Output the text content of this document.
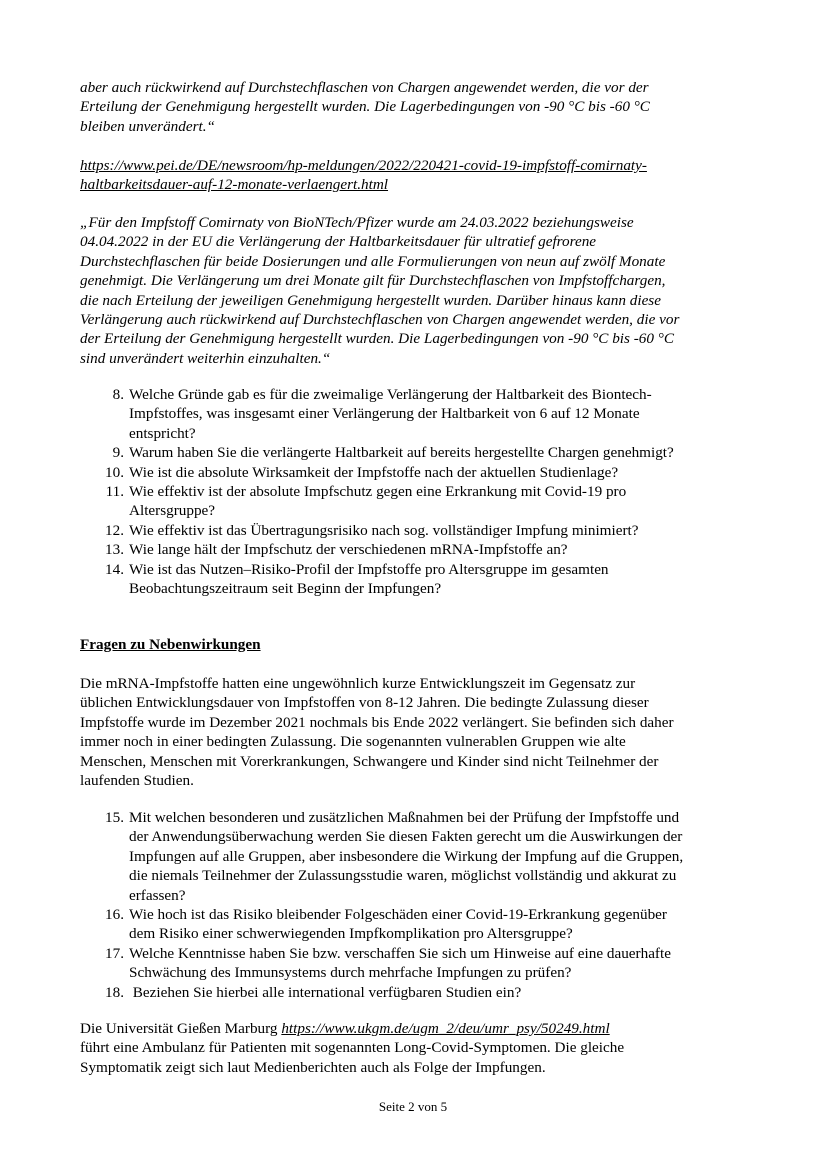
aber auch rückwirkend auf Durchstechflaschen von Chargen angewendet werden, die vor der
Erteilung der Genehmigung hergestellt wurden. Die Lagerbedingungen von -90 °C bis -60 °C
bleiben unverändert.“

https://www.pei.de/DE/newsroom/hp-meldungen/2022/220421-covid-19-impfstoff-comirnaty-
haltbarkeitsdauer-auf-12-monate-verlaengert.html

„Für den Impfstoff Comirnaty von BioNTech/Pfizer wurde am 24.03.2022 beziehungsweise
04.04.2022 in der EU die Verlängerung der Haltbarkeitsdauer für ultratief gefrorene
Durchstechflaschen für beide Dosierungen und alle Formulierungen von neun auf zwölf Monate
genehmigt. Die Verlängerung um drei Monate gilt für Durchstechflaschen von Impfstoffchargen,
die nach Erteilung der jeweiligen Genehmigung hergestellt wurden. Darüber hinaus kann diese
Verlängerung auch rückwirkend auf Durchstechflaschen von Chargen angewendet werden, die vor
der Erteilung der Genehmigung hergestellt wurden. Die Lagerbedingungen von -90 °C bis -60 °C
sind unverändert weiterhin einzuhalten.“

8. Welche Gründe gab es für die zweimalige Verlängerung der Haltbarkeit des Biontech-
Impfstoffes, was insgesamt einer Verlängerung der Haltbarkeit von 6 auf 12 Monate
entspricht?
9. Warum haben Sie die verlängerte Haltbarkeit auf bereits hergestellte Chargen genehmigt?
10. Wie ist die absolute Wirksamkeit der Impfstoffe nach der aktuellen Studienlage?
11. Wie effektiv ist der absolute Impfschutz gegen eine Erkrankung mit Covid-19 pro
Altersgruppe?
12. Wie effektiv ist das Übertragungsrisiko nach sog. vollständiger Impfung minimiert?
13. Wie lange hält der Impfschutz der verschiedenen mRNA-Impfstoffe an?
14. Wie ist das Nutzen–Risiko-Profil der Impfstoffe pro Altersgruppe im gesamten
Beobachtungszeitraum seit Beginn der Impfungen?
Fragen zu Nebenwirkungen

Die mRNA-Impfstoffe hatten eine ungewöhnlich kurze Entwicklungszeit im Gegensatz zur
üblichen Entwicklungsdauer von Impfstoffen von 8-12 Jahren. Die bedingte Zulassung dieser
Impfstoffe wurde im Dezember 2021 nochmals bis Ende 2022 verlängert. Sie befinden sich daher
immer noch in einer bedingten Zulassung. Die sogenannten vulnerablen Gruppen wie alte
Menschen, Menschen mit Vorerkrankungen, Schwangere und Kinder sind nicht Teilnehmer der
laufenden Studien.

15. Mit welchen besonderen und zusätzlichen Maßnahmen bei der Prüfung der Impfstoffe und
der Anwendungsüberwachung werden Sie diesen Fakten gerecht um die Auswirkungen der
Impfungen auf alle Gruppen, aber insbesondere die Wirkung der Impfung auf die Gruppen,
die niemals Teilnehmer der Zulassungsstudie waren, möglichst vollständig und akkurat zu
erfassen?
16. Wie hoch ist das Risiko bleibender Folgeschäden einer Covid-19-Erkrankung gegenüber
dem Risiko einer schwerwiegenden Impfkomplikation pro Altersgruppe?
17. Welche Kenntnisse haben Sie bzw. verschaffen Sie sich um Hinweise auf eine dauerhafte
Schwächung des Immunsystems durch mehrfache Impfungen zu prüfen?
18. Beziehen Sie hierbei alle international verfügbaren Studien ein?

Die Universität Gießen Marburg https://www.ukgm.de/ugm_2/deu/umr_psy/50249.html
führt eine Ambulanz für Patienten mit sogenannten Long-Covid-Symptomen. Die gleiche
Symptomatik zeigt sich laut Medienberichten auch als Folge der Impfungen.

Seite 2 von 5
